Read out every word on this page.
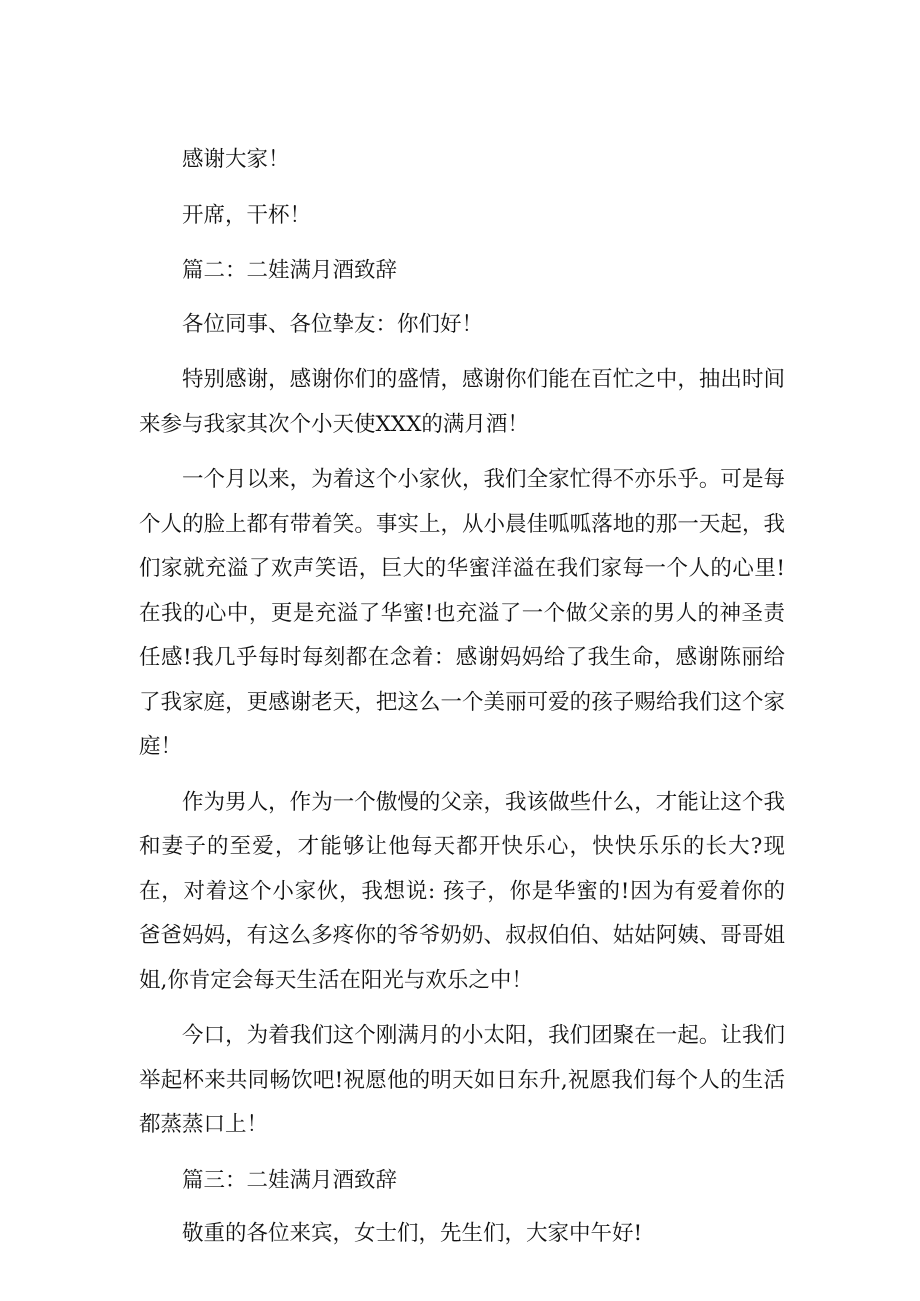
感谢大家！

开席，干杯！

篇二：二娃满月酒致辞

各位同事、各位挚友：你们好！

特别感谢，感谢你们的盛情，感谢你们能在百忙之中，抽出时间来参与我家其次个小天使XXX的满月酒！

一个月以来，为着这个小家伙，我们全家忙得不亦乐乎。可是每个人的脸上都有带着笑。事实上，从小晨佳呱呱落地的那一天起，我们家就充溢了欢声笑语，巨大的华蜜洋溢在我们家每一个人的心里!在我的心中，更是充溢了华蜜!也充溢了一个做父亲的男人的神圣责任感!我几乎每时每刻都在念着：感谢妈妈给了我生命，感谢陈丽给了我家庭，更感谢老天，把这么一个美丽可爱的孩子赐给我们这个家庭！

作为男人，作为一个傲慢的父亲，我该做些什么，才能让这个我和妻子的至爱，才能够让他每天都开快乐心，快快乐乐的长大?现在，对着这个小家伙，我想说: 孩子，你是华蜜的!因为有爱着你的爸爸妈妈，有这么多疼你的爷爷奶奶、叔叔伯伯、姑姑阿姨、哥哥姐姐,你肯定会每天生活在阳光与欢乐之中！

今口，为着我们这个刚满月的小太阳，我们团聚在一起。让我们举起杯来共同畅饮吧!祝愿他的明天如日东升,祝愿我们每个人的生活都蒸蒸口上！

篇三：二娃满月酒致辞

敬重的各位来宾，女士们，先生们，大家中午好!
